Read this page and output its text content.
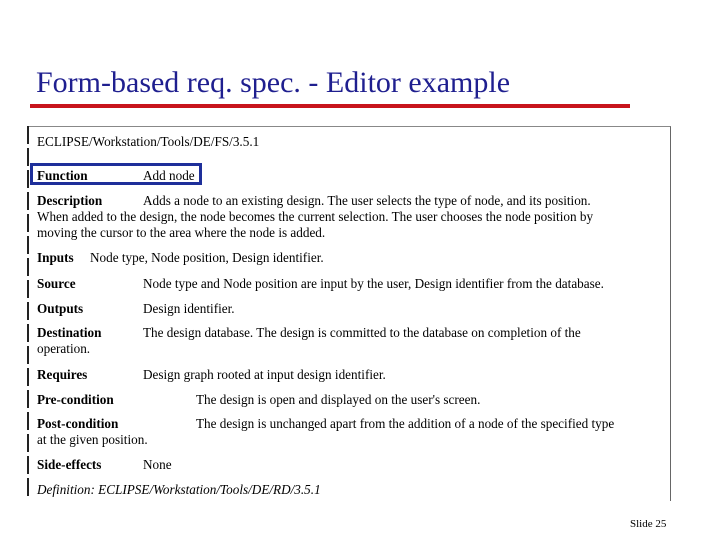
Form-based req. spec. - Editor example
ECLIPSE/Workstation/Tools/DE/FS/3.5.1
Function	Add node
Description	Adds a node to an existing design. The user selects the type of node, and its position.
When added to the design, the node becomes the current selection. The user chooses the node position by
moving the cursor to the area where the node is added.
Inputs Node type, Node position, Design identifier.
Source	Node type and Node position are input by the user, Design identifier from the database.
Outputs	Design identifier.
Destination	The design database. The design is committed to the database on completion of the
operation.
Requires	Design graph rooted at input design identifier.
Pre-condition	The design is open and displayed on the user's screen.
Post-condition	The design is unchanged apart from the addition of a node of the specified type
at the given position.
Side-effects	None
Definition: ECLIPSE/Workstation/Tools/DE/RD/3.5.1
Slide 25
